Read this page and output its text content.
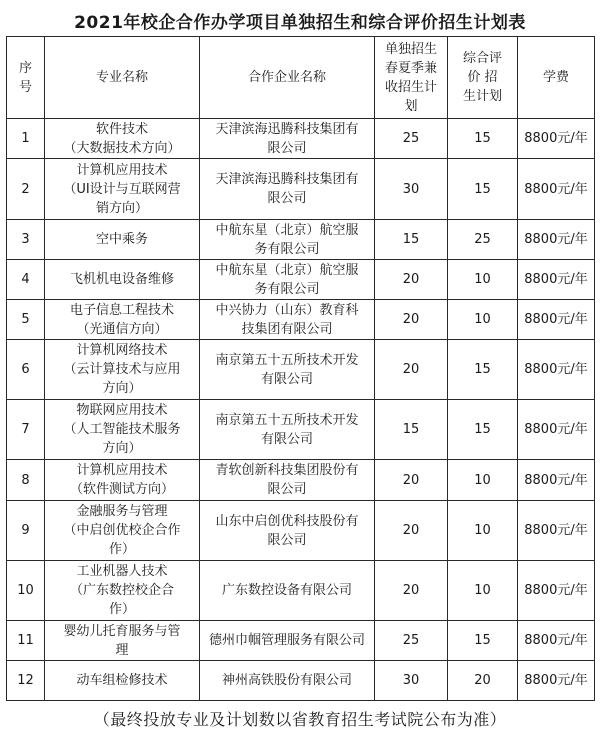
2021年校企合作办学项目单独招生和综合评价招生计划表
序
号	专业名称	合作企业名称	单独招生
春夏季兼
收招生计
划	综合评
价 招
生计划	学费

1	软件技术
（大数据技术方向）	天津滨海迅腾科技集团有
限公司	25	15	8800元/年

2	计算机应用技术
（UI设计与互联网营
销方向）	天津滨海迅腾科技集团有
限公司	30	15	8800元/年

3	空中乘务	中航东星（北京）航空服
务有限公司	15	25	8800元/年

4	飞机机电设备维修	中航东星（北京）航空服
务有限公司	20	10	8800元/年

5	电子信息工程技术
（光通信方向）	中兴协力（山东）教育科
技集团有限公司	20	10	8800元/年

6	计算机网络技术
（云计算技术与应用
方向）	南京第五十五所技术开发
有限公司	20	15	8800元/年

7	物联网应用技术
（人工智能技术服务
方向）	南京第五十五所技术开发
有限公司	15	15	8800元/年

8	计算机应用技术
（软件测试方向）	青软创新科技集团股份有
限公司	20	10	8800元/年

9	金融服务与管理
（中启创优校企合作
作）	山东中启创优科技股份有
限公司	20	10	8800元/年

10	工业机器人技术
（广东数控校企合
作）	广东数控设备有限公司	20	10	8800元/年

11	婴幼儿托育服务与管
理	德州巾帼管理服务有限公司	25	15	8800元/年

12	动车组检修技术	神州高铁股份有限公司	30	20	8800元/年
（最终投放专业及计划数以省教育招生考试院公布为准）
